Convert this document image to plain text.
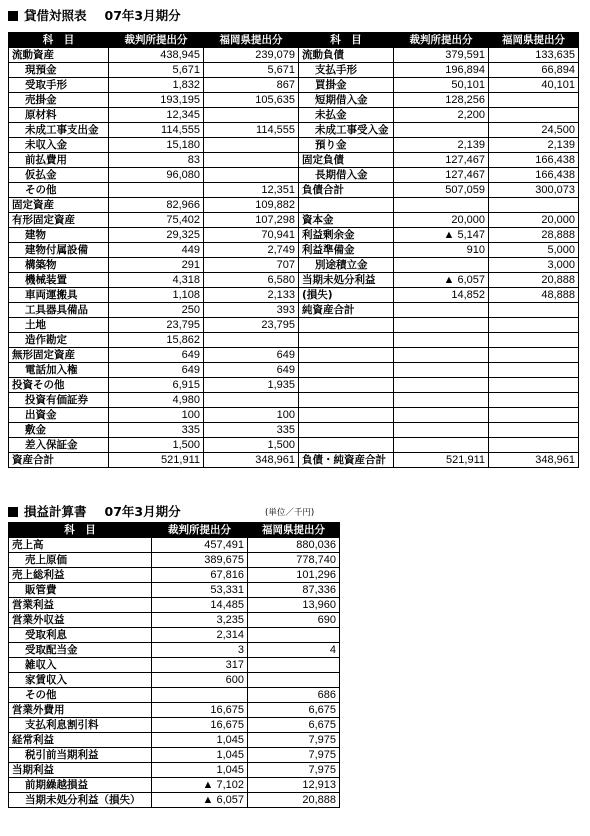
貸借対照表 07年3月期分
科　目	裁判所提出分	福岡県提出分	科　目	裁判所提出分	福岡県提出分
流動資産	438,945	239,079	流動負債	379,591	133,635
現預金	5,671	5,671	支払手形	196,894	66,894
受取手形	1,832	867	買掛金	50,101	40,101
売掛金	193,195	105,635	短期借入金	128,256	
原材料	12,345		未払金	2,200	
未成工事支出金	114,555	114,555	未成工事受入金		24,500
未収入金	15,180		預り金	2,139	2,139
前払費用	83		固定負債	127,467	166,438
仮払金	96,080		長期借入金	127,467	166,438
その他		12,351	負債合計	507,059	300,073
固定資産	82,966	109,882			
有形固定資産	75,402	107,298	資本金	20,000	20,000
建物	29,325	70,941	利益剰余金	▲ 5,147	28,888
建物付属設備	449	2,749	利益準備金	910	5,000
構築物	291	707	別途積立金		3,000
機械装置	4,318	6,580	当期未処分利益	▲ 6,057	20,888
車両運搬具	1,108	2,133	(損失)	14,852	48,888
工具器具備品	250	393	純資産合計		
土地	23,795	23,795			
造作勘定	15,862				
無形固定資産	649	649			
電話加入権	649	649			
投資その他	6,915	1,935			
投資有価証券	4,980				
出資金	100	100			
敷金	335	335			
差入保証金	1,500	1,500			
資産合計	521,911	348,961	負債・純資産合計	521,911	348,961
損益計算書 07年3月期分	(単位／千円)
科　目	裁判所提出分	福岡県提出分
売上高	457,491	880,036
売上原価	389,675	778,740
売上総利益	67,816	101,296
販管費	53,331	87,336
営業利益	14,485	13,960
営業外収益	3,235	690
受取利息	2,314	
受取配当金	3	4
雑収入	317	
家賃収入	600	
その他		686
営業外費用	16,675	6,675
支払利息割引料	16,675	6,675
経常利益	1,045	7,975
税引前当期利益	1,045	7,975
当期利益	1,045	7,975
前期繰越損益	▲ 7,102	12,913
当期未処分利益（損失）	▲ 6,057	20,888
